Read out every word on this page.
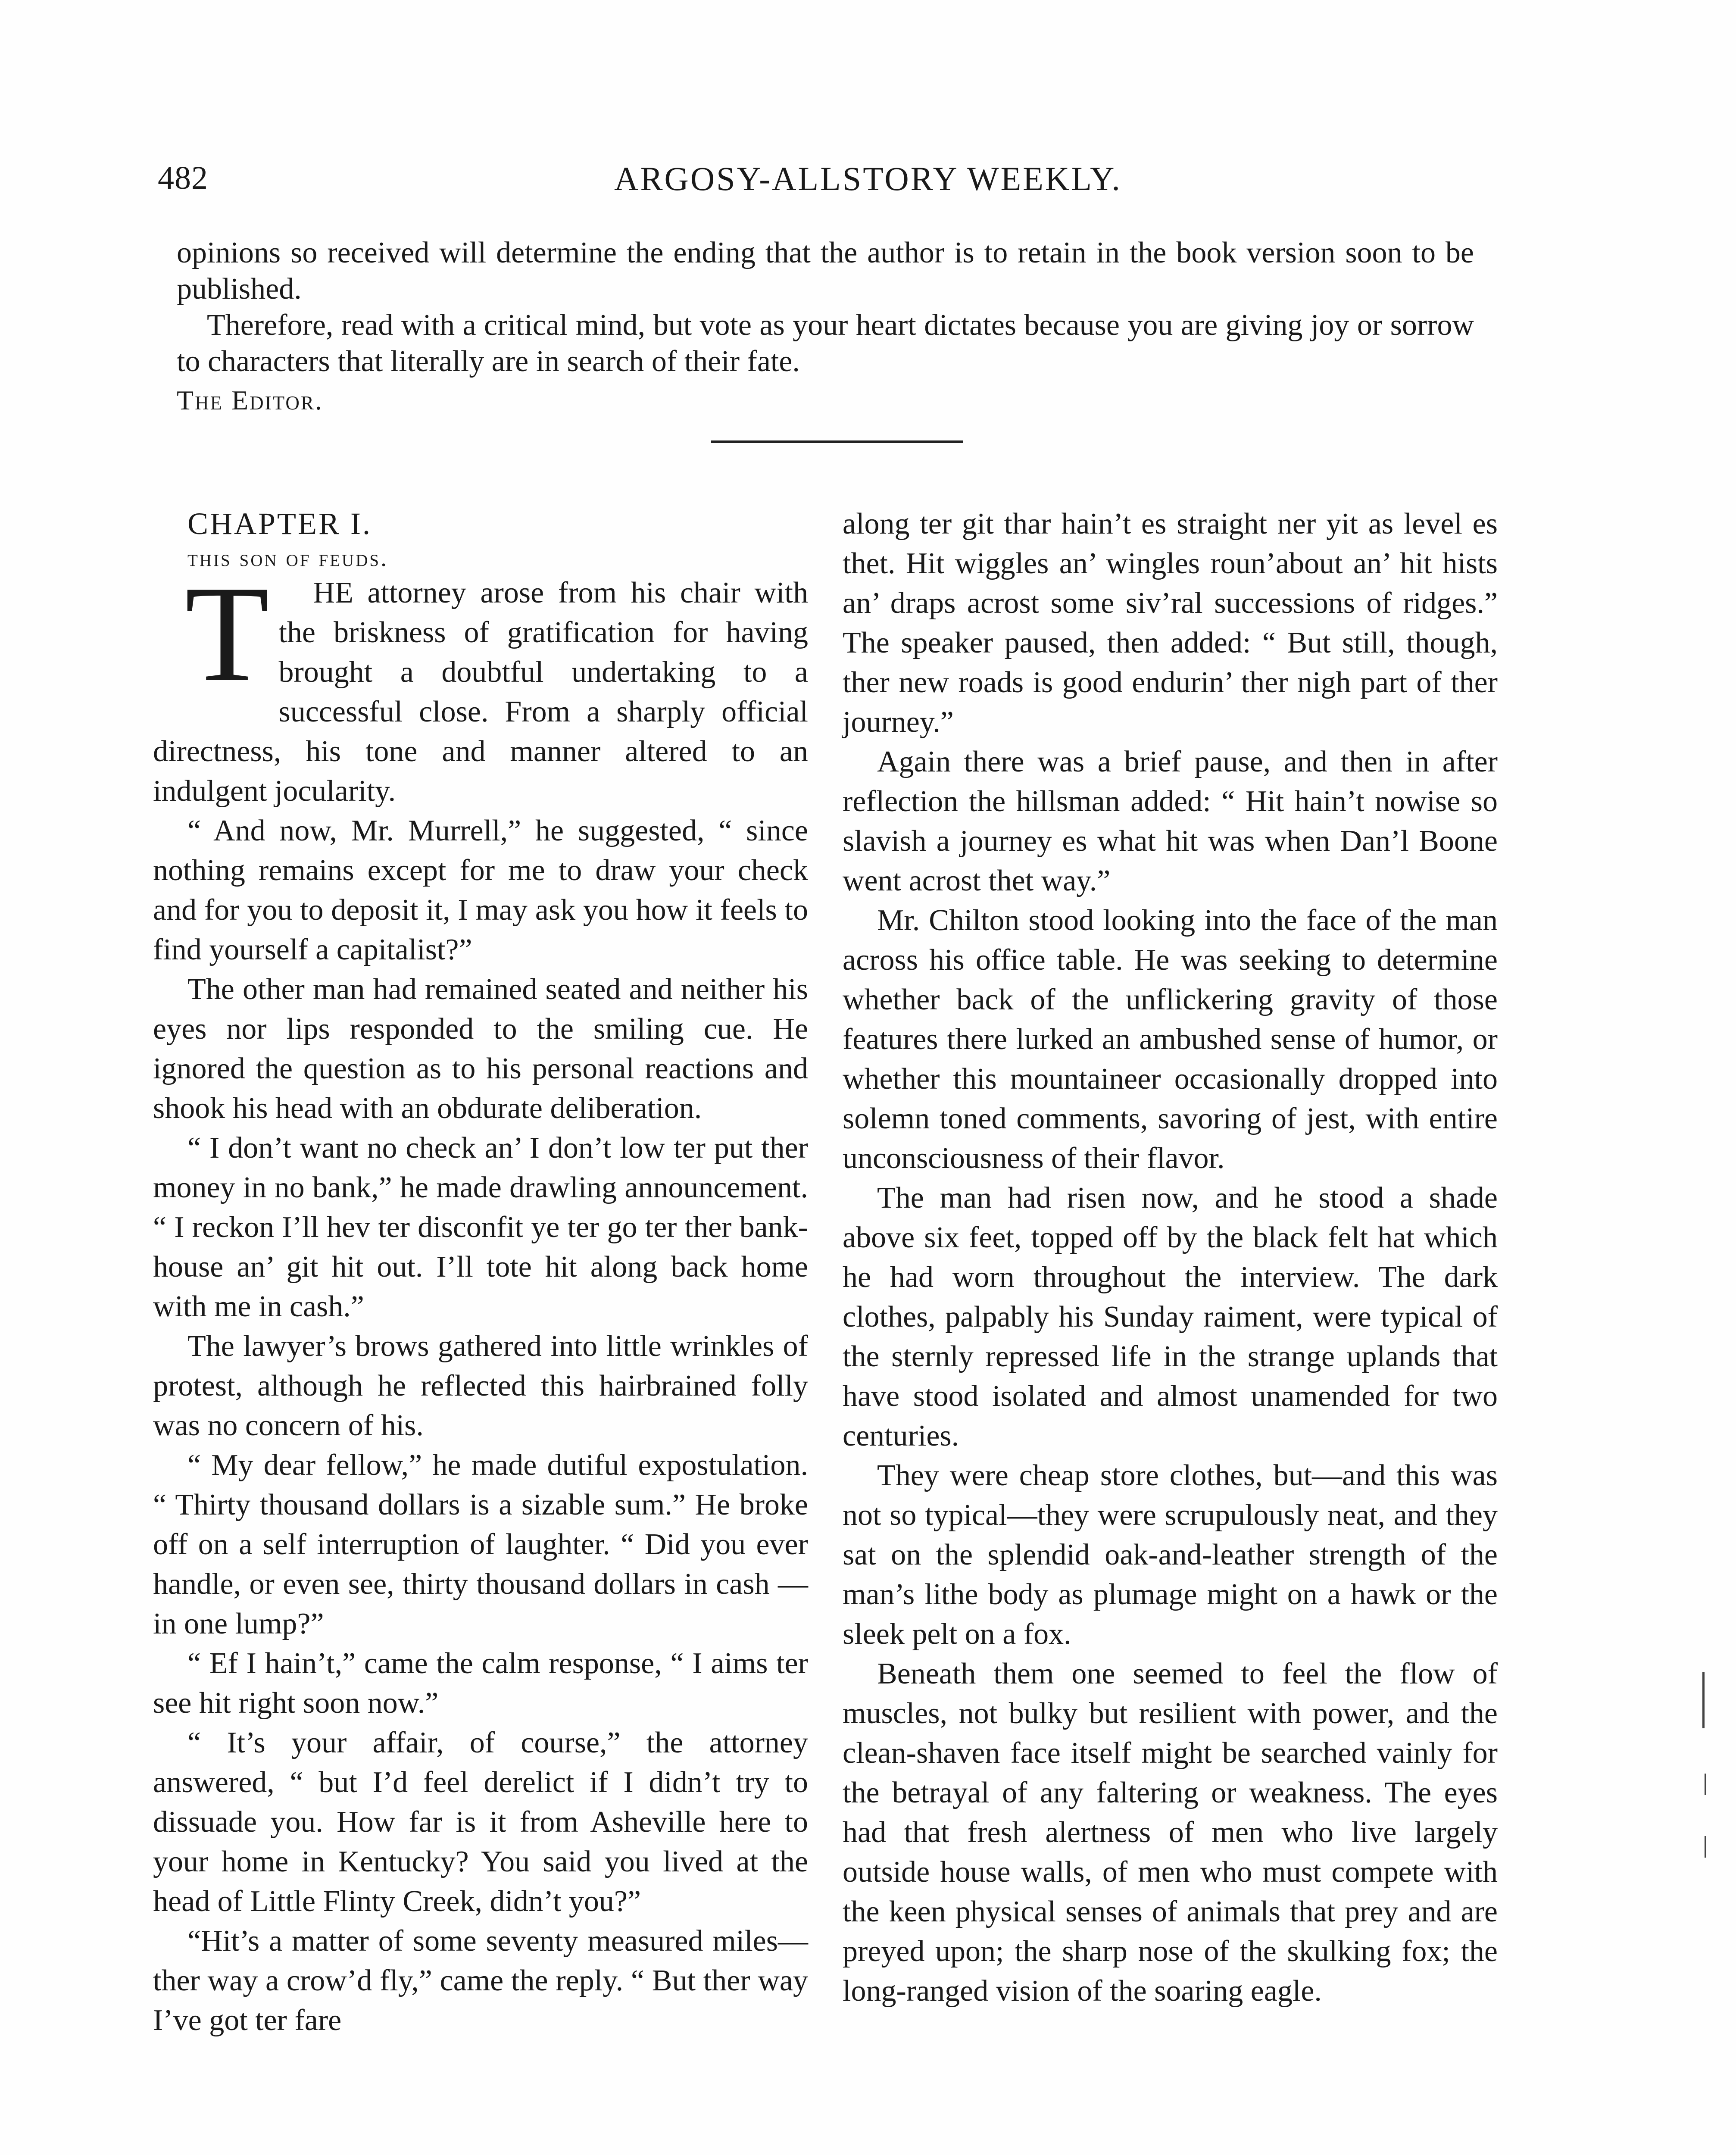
482	ARGOSY-ALLSTORY WEEKLY.

opinions so received will determine the ending that the author is to retain in the book version soon to be published.

Therefore, read with a critical mind, but vote as your heart dictates because you are giving joy or sorrow to characters that literally are in search of their fate.

The Editor.

CHAPTER I.

this son of feuds.

T	HE attorney arose from his chair with the briskness of gratification for having brought a doubtful undertaking to a successful close. From a sharply official directness, his tone and manner altered to an indulgent jocularity.

“ And now, Mr. Murrell,” he suggested, “ since nothing remains except for me to draw your check and for you to deposit it, I may ask you how it feels to find yourself a capitalist?”

The other man had remained seated and neither his eyes nor lips responded to the smiling cue. He ignored the question as to his personal reactions and shook his head with an obdurate deliberation.

“ I don’t want no check an’ I don’t low ter put ther money in no bank,” he made drawling announcement. “ I reckon I’ll hev ter disconfit ye ter go ter ther bank-house an’ git hit out. I’ll tote hit along back home with me in cash.”

The lawyer’s brows gathered into little wrinkles of protest, although he reflected this hairbrained folly was no concern of his.

“ My dear fellow,” he made dutiful expostulation. “ Thirty thousand dollars is a sizable sum.” He broke off on a self interruption of laughter. “ Did you ever handle, or even see, thirty thousand dollars in cash —in one lump?”

“ Ef I hain’t,” came the calm response, “ I aims ter see hit right soon now.”

“ It’s your affair, of course,” the attorney answered, “ but I’d feel derelict if I didn’t try to dissuade you. How far is it from Asheville here to your home in Kentucky? You said you lived at the head of Little Flinty Creek, didn’t you?”

“Hit’s a matter of some seventy measured miles—ther way a crow’d fly,” came the reply. “ But ther way I’ve got ter fare

along ter git thar hain’t es straight ner yit as level es thet. Hit wiggles an’ wingles roun’about an’ hit hists an’ draps acrost some siv’ral successions of ridges.” The speaker paused, then added: “ But still, though, ther new roads is good endurin’ ther nigh part of ther journey.”

Again there was a brief pause, and then in after reflection the hillsman added: “ Hit hain’t nowise so slavish a journey es what hit was when Dan’l Boone went acrost thet way.”

Mr. Chilton stood looking into the face of the man across his office table. He was seeking to determine whether back of the unflickering gravity of those features there lurked an ambushed sense of humor, or whether this mountaineer occasionally dropped into solemn toned comments, savoring of jest, with entire unconsciousness of their flavor.

The man had risen now, and he stood a shade above six feet, topped off by the black felt hat which he had worn throughout the interview. The dark clothes, palpably his Sunday raiment, were typical of the sternly repressed life in the strange uplands that have stood isolated and almost unamended for two centuries.

They were cheap store clothes, but—and this was not so typical—they were scrupulously neat, and they sat on the splendid oak-and-leather strength of the man’s lithe body as plumage might on a hawk or the sleek pelt on a fox.

Beneath them one seemed to feel the flow of muscles, not bulky but resilient with power, and the clean-shaven face itself might be searched vainly for the betrayal of any faltering or weakness. The eyes had that fresh alertness of men who live largely outside house walls, of men who must compete with the keen physical senses of animals that prey and are preyed upon; the sharp nose of the skulking fox; the long-ranged vision of the soaring eagle.
